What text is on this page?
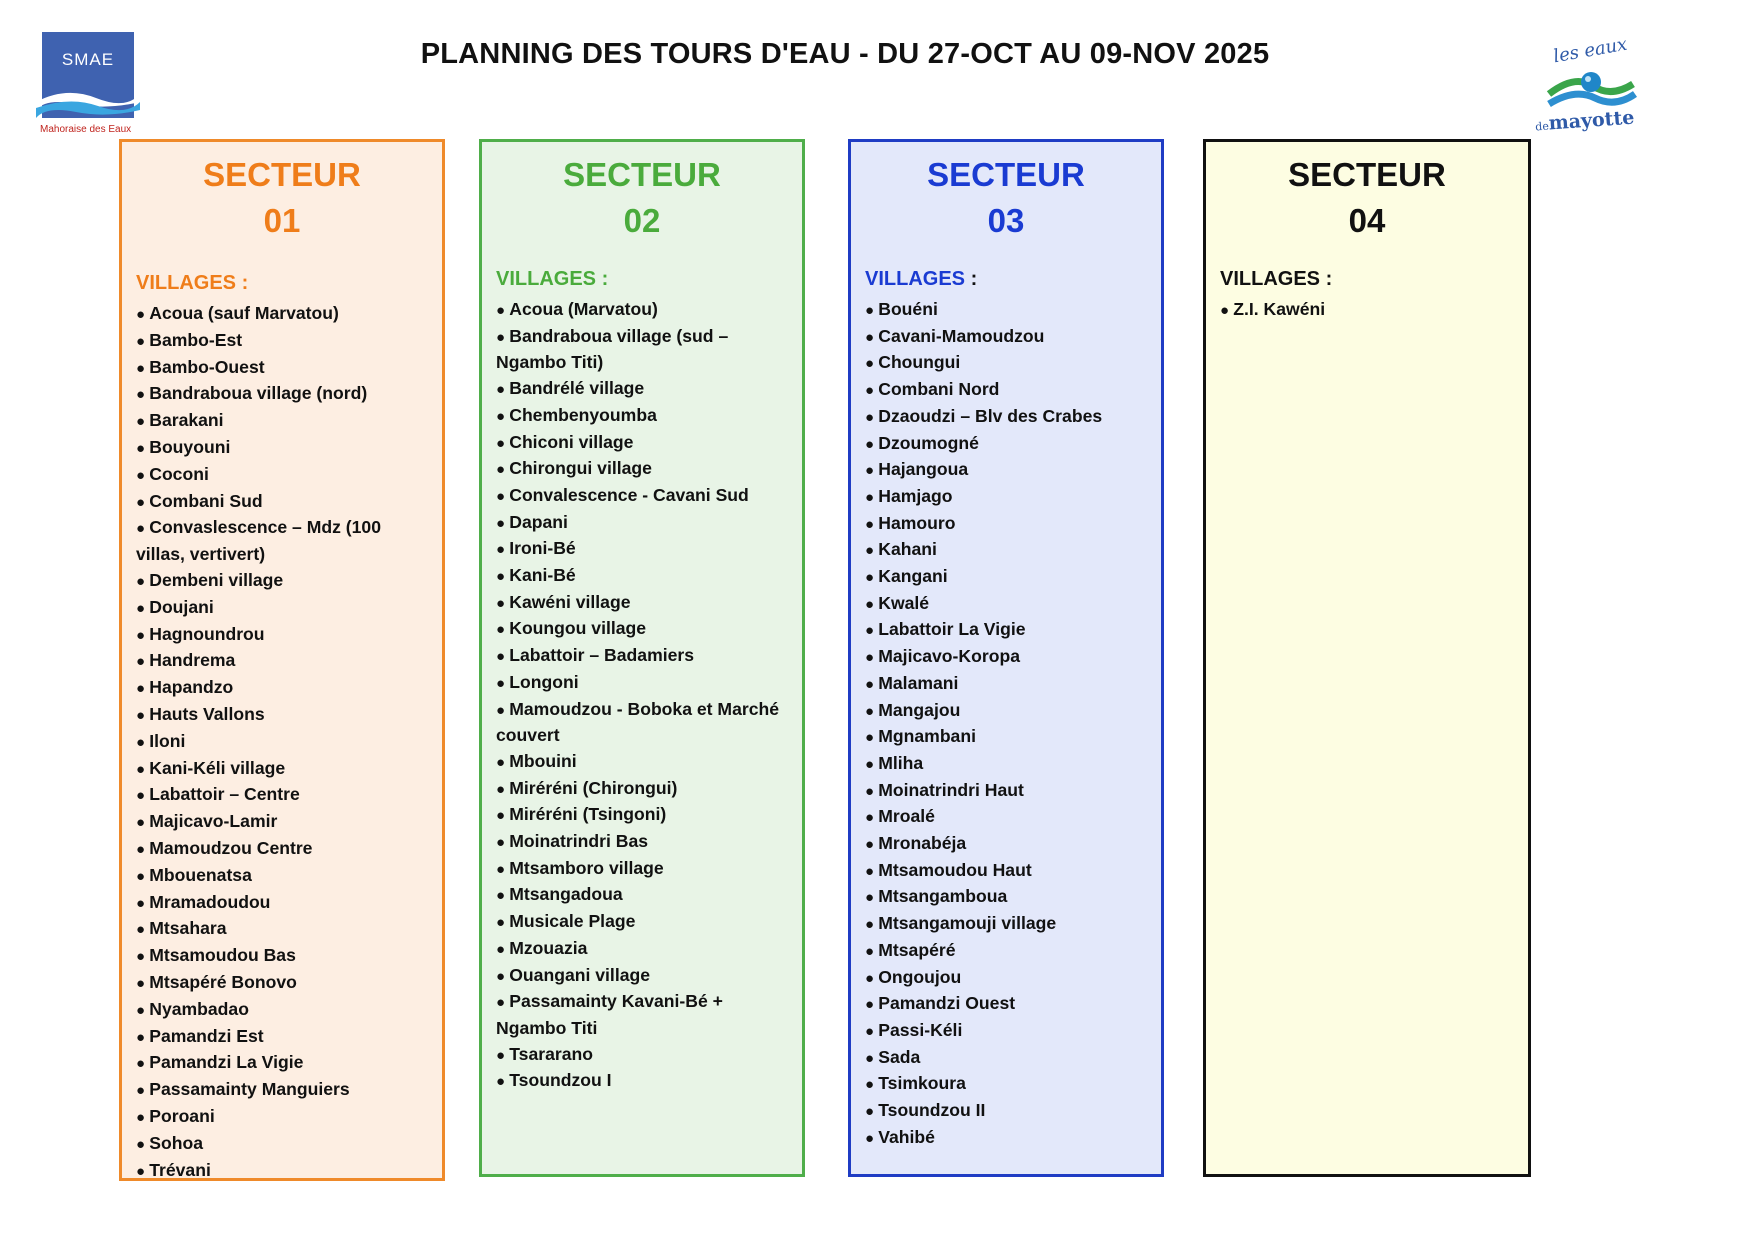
PLANNING DES TOURS D'EAU - DU 27-OCT AU 09-NOV 2025
SMAE
Mahoraise des Eaux
les eaux
demayotte
SECTEUR
01
VILLAGES :
● Acoua (sauf Marvatou)
● Bambo-Est
● Bambo-Ouest
● Bandraboua village (nord)
● Barakani
● Bouyouni
● Coconi
● Combani Sud
● Convaslescence – Mdz (100 villas, vertivert)
● Dembeni village
● Doujani
● Hagnoundrou
● Handrema
● Hapandzo
● Hauts Vallons
● Iloni
● Kani-Kéli village
● Labattoir – Centre
● Majicavo-Lamir
● Mamoudzou Centre
● Mbouenatsa
● Mramadoudou
● Mtsahara
● Mtsamoudou Bas
● Mtsapéré Bonovo
● Nyambadao
● Pamandzi Est
● Pamandzi La Vigie
● Passamainty Manguiers
● Poroani
● Sohoa
● Trévani
SECTEUR
02
VILLAGES :
● Acoua (Marvatou)
● Bandraboua village (sud – Ngambo Titi)
● Bandrélé village
● Chembenyoumba
● Chiconi village
● Chirongui village
● Convalescence - Cavani Sud
● Dapani
● Ironi-Bé
● Kani-Bé
● Kawéni village
● Koungou village
● Labattoir – Badamiers
● Longoni
● Mamoudzou - Boboka et Marché couvert
● Mbouini
● Miréréni (Chirongui)
● Miréréni (Tsingoni)
● Moinatrindri Bas
● Mtsamboro village
● Mtsangadoua
● Musicale Plage
● Mzouazia
● Ouangani village
● Passamainty Kavani-Bé + Ngambo Titi
● Tsararano
● Tsoundzou I
SECTEUR
03
VILLAGES :
● Bouéni
● Cavani-Mamoudzou
● Choungui
● Combani Nord
● Dzaoudzi – Blv des Crabes
● Dzoumogné
● Hajangoua
● Hamjago
● Hamouro
● Kahani
● Kangani
● Kwalé
● Labattoir La Vigie
● Majicavo-Koropa
● Malamani
● Mangajou
● Mgnambani
● Mliha
● Moinatrindri Haut
● Mroalé
● Mronabéja
● Mtsamoudou Haut
● Mtsangamboua
● Mtsangamouji village
● Mtsapéré
● Ongoujou
● Pamandzi Ouest
● Passi-Kéli
● Sada
● Tsimkoura
● Tsoundzou II
● Vahibé
SECTEUR
04
VILLAGES :
● Z.I. Kawéni
